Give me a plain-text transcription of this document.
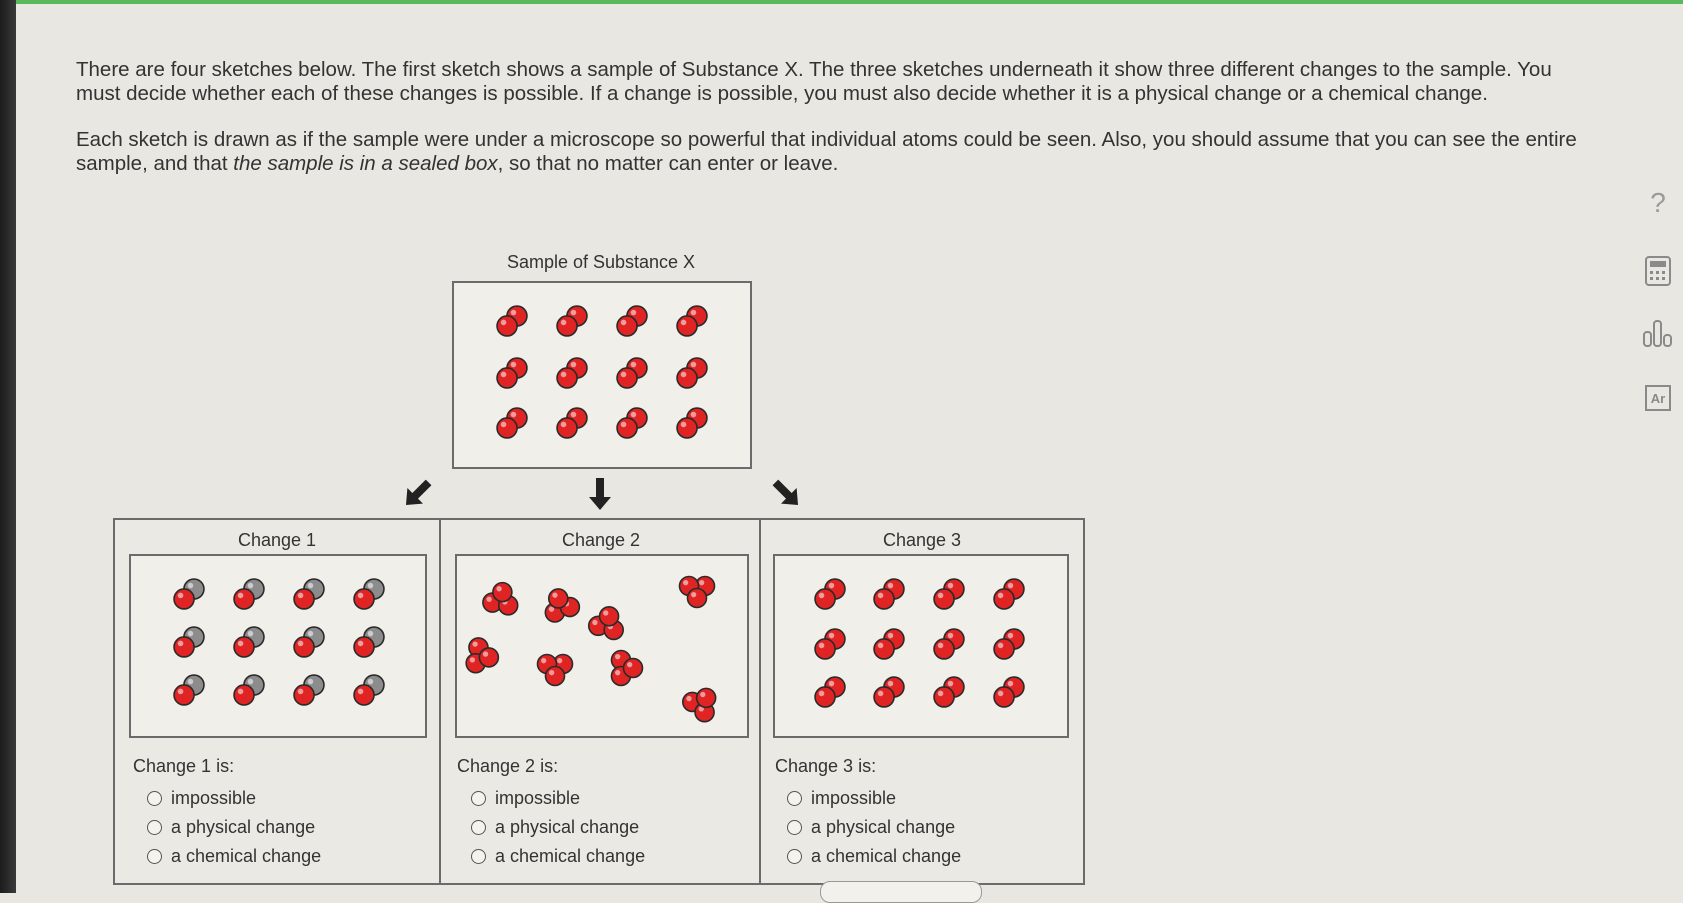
There are four sketches below. The first sketch shows a sample of Substance X. The three sketches underneath it show three different changes to the sample. You must decide whether each of these changes is possible. If a change is possible, you must also decide whether it is a physical change or a chemical change.

Each sketch is drawn as if the sample were under a microscope so powerful that individual atoms could be seen. Also, you should assume that you can see the entire sample, and that the sample is in a sealed box, so that no matter can enter or leave.

?
Ar
Sample of Substance X
Change 1
Change 1 is:
impossible
a physical change
a chemical change
Change 2
Change 2 is:
impossible
a physical change
a chemical change
Change 3
Change 3 is:
impossible
a physical change
a chemical change
